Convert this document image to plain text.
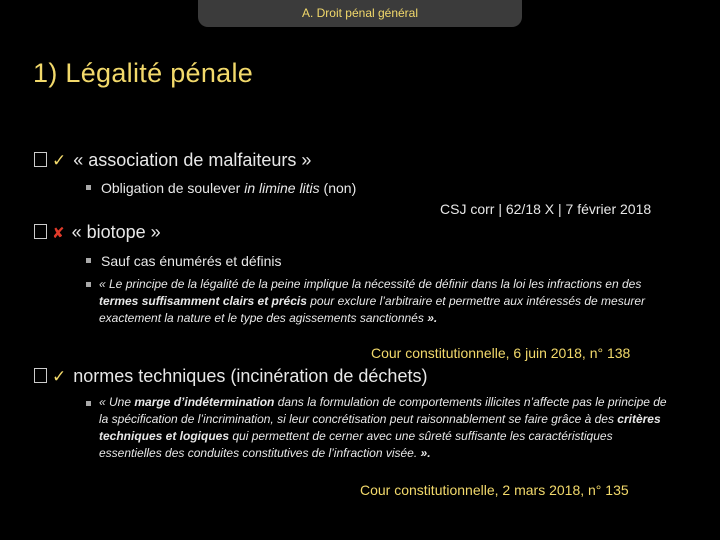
A. Droit pénal général
1) Légalité pénale
✓ « association de malfaiteurs »
Obligation de soulever in limine litis (non)
CSJ corr | 62/18 X | 7 février 2018
✘ « biotope »
Sauf cas énumérés et définis
« Le principe de la légalité de la peine implique la nécessité de définir dans la loi les infractions en des termes suffisamment clairs et précis pour exclure l’arbitraire et permettre aux intéressés de mesurer exactement la nature et le type des agissements sanctionnés ».
Cour constitutionnelle, 6 juin 2018, n° 138
✓ normes techniques (incinération de déchets)
« Une marge d’indétermination dans la formulation de comportements illicites n’affecte pas le principe de la spécification de l’incrimination, si leur concrétisation peut raisonnablement se faire grâce à des critères techniques et logiques qui permettent de cerner avec une sûreté suffisante les caractéristiques essentielles des conduites constitutives de l’infraction visée. ».
Cour constitutionnelle, 2 mars 2018, n° 135
